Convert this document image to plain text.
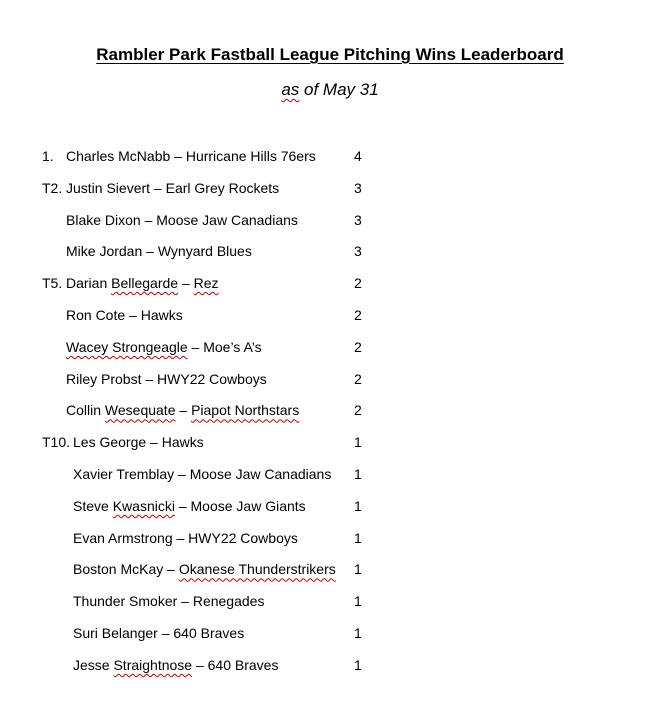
Rambler Park Fastball League Pitching Wins Leaderboard
as of May 31
1. Charles McNabb – Hurricane Hills 76ers	4
T2. Justin Sievert – Earl Grey Rockets	3
Blake Dixon – Moose Jaw Canadians	3
Mike Jordan – Wynyard Blues	3
T5. Darian Bellegarde – Rez	2
Ron Cote – Hawks	2
Wacey Strongeagle – Moe’s A’s	2
Riley Probst – HWY22 Cowboys	2
Collin Wesequate – Piapot Northstars	2
T10. Les George – Hawks	1
Xavier Tremblay – Moose Jaw Canadians 1
Steve Kwasnicki – Moose Jaw Giants	1
Evan Armstrong – HWY22 Cowboys	1
Boston McKay – Okanese Thunderstrikers 1
Thunder Smoker – Renegades	1
Suri Belanger – 640 Braves	1
Jesse Straightnose – 640 Braves	1
